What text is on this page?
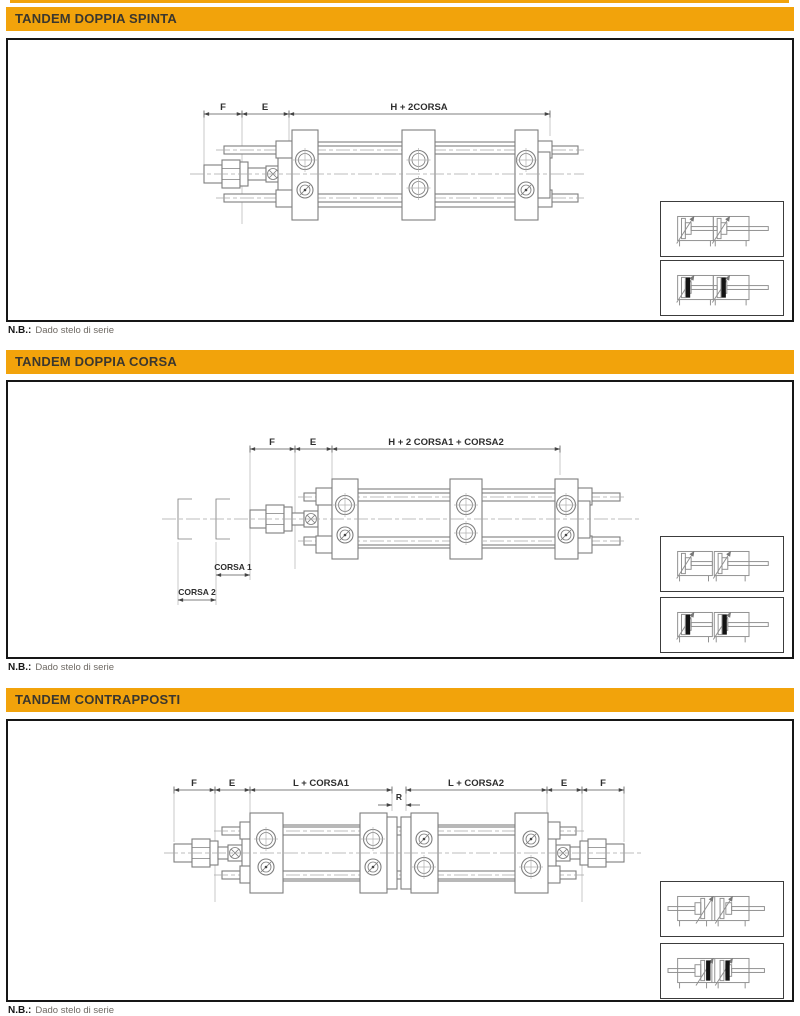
TANDEM DOPPIA SPINTA
F	E	H + 2CORSA
N.B.: Dado stelo di serie
TANDEM DOPPIA CORSA
F	E	H + 2 CORSA1 + CORSA2
CORSA 1
CORSA 2
N.B.: Dado stelo di serie
TANDEM CONTRAPPOSTI
F	E	L + CORSA1	L + CORSA2	E	F
R
N.B.: Dado stelo di serie
